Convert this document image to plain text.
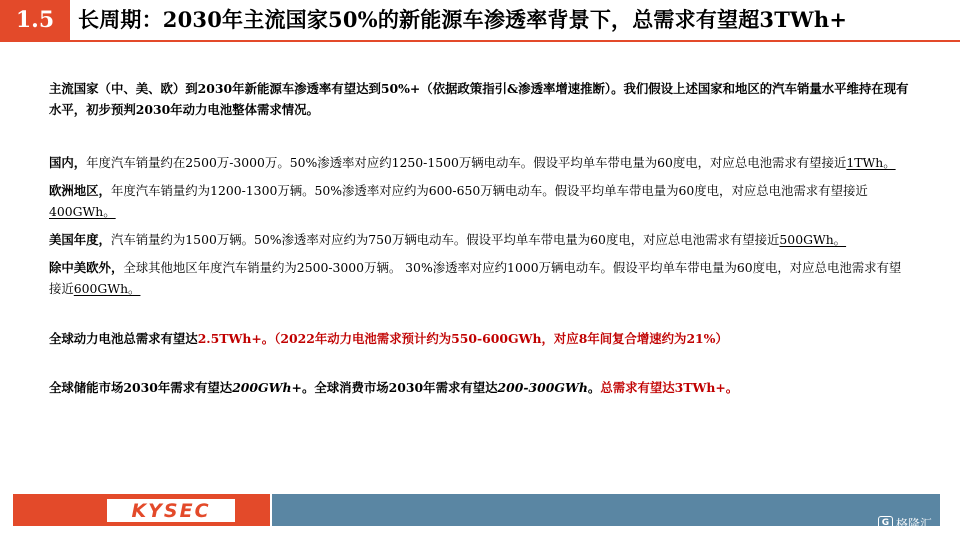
1.5	长周期：2030年主流国家50%的新能源车渗透率背景下，总需求有望超3TWh+

主流国家（中、美、欧）到2030年新能源车渗透率有望达到50%+（依据政策指引&渗透率增速推断）。我们假设上述国家和地区的汽车销量水平维持在现有水平，初步预判2030年动力电池整体需求情况。

国内，年度汽车销量约在2500万-3000万。50%渗透率对应约1250-1500万辆电动车。假设平均单车带电量为60度电，对应总电池需求有望接近1TWh。

欧洲地区，年度汽车销量约为1200-1300万辆。50%渗透率对应约为600-650万辆电动车。假设平均单车带电量为60度电，对应总电池需求有望接近400GWh。

美国年度，汽车销量约为1500万辆。50%渗透率对应约为750万辆电动车。假设平均单车带电量为60度电，对应总电池需求有望接近500GWh。

除中美欧外，全球其他地区年度汽车销量约为2500-3000万辆。 30%渗透率对应约1000万辆电动车。假设平均单车带电量为60度电，对应总电池需求有望接近600GWh。

全球动力电池总需求有望达2.5TWh+。（2022年动力电池需求预计约为550-600GWh，对应8年间复合增速约为21%）

全球储能市场2030年需求有望达200GWh+。全球消费市场2030年需求有望达200-300GWh。总需求有望达3TWh+。

KYSEC
G 格隆汇
